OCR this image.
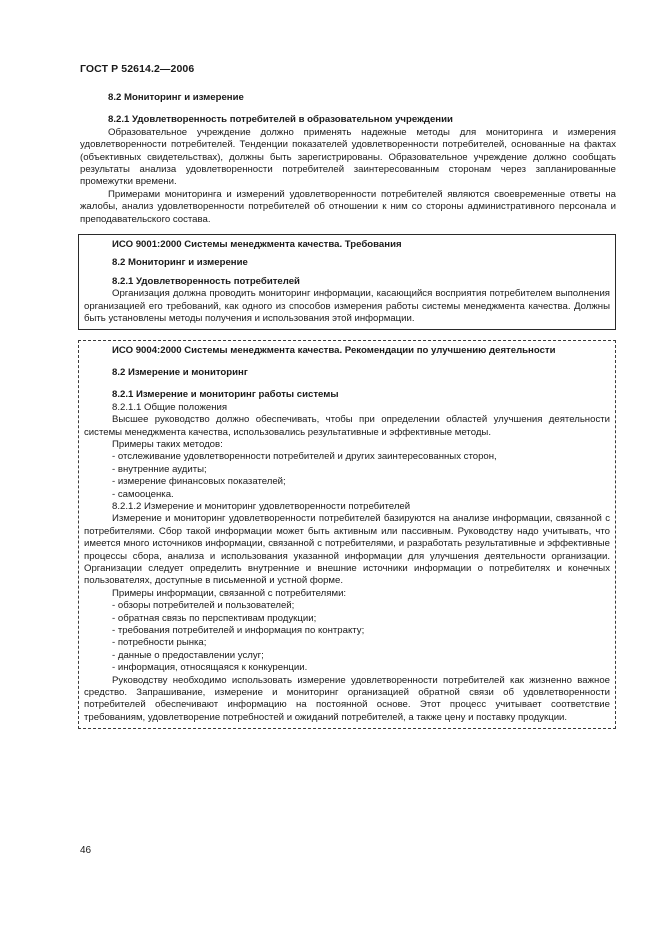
ГОСТ Р 52614.2—2006
8.2 Мониторинг и измерение
8.2.1 Удовлетворенность потребителей в образовательном учреждении

Образовательное учреждение должно применять надежные методы для мониторинга и измерения удовлетворенности потребителей. Тенденции показателей удовлетворенности потребителей, основанные на фактах (объективных свидетельствах), должны быть зарегистрированы. Образовательное учреждение должно сообщать результаты анализа удовлетворенности потребителей заинтересованным сторонам через запланированные промежутки времени.

Примерами мониторинга и измерений удовлетворенности потребителей являются своевременные ответы на жалобы, анализ удовлетворенности потребителей об отношении к ним со стороны административного персонала и преподавательского состава.

ИСО 9001:2000 Системы менеджмента качества. Требования
8.2 Мониторинг и измерение
8.2.1 Удовлетворенность потребителей

Организация должна проводить мониторинг информации, касающийся восприятия потребителем выполнения организацией его требований, как одного из способов измерения работы системы менеджмента качества. Должны быть установлены методы получения и использования этой информации.

ИСО 9004:2000 Системы менеджмента качества. Рекомендации по улучшению деятельности

8.2 Измерение и мониторинг
8.2.1 Измерение и мониторинг работы системы
8.2.1.1 Общие положения

Высшее руководство должно обеспечивать, чтобы при определении областей улучшения деятельности системы менеджмента качества, использовались результативные и эффективные методы.

Примеры таких методов:
- отслеживание удовлетворенности потребителей и других заинтересованных сторон,
- внутренние аудиты;
- измерение финансовых показателей;
- самооценка.
8.2.1.2 Измерение и мониторинг удовлетворенности потребителей

Измерение и мониторинг удовлетворенности потребителей базируются на анализе информации, связанной с потребителями. Сбор такой информации может быть активным или пассивным. Руководству надо учитывать, что имеется много источников информации, связанной с потребителями, и разработать результативные и эффективные процессы сбора, анализа и использования указанной информации для улучшения деятельности организации. Организации следует определить внутренние и внешние источники информации о потребителях и конечных пользователях, доступные в письменной и устной форме.

Примеры информации, связанной с потребителями:
- обзоры потребителей и пользователей;
- обратная связь по перспективам продукции;
- требования потребителей и информация по контракту;
- потребности рынка;
- данные о предоставлении услуг;
- информация, относящаяся к конкуренции.

Руководству необходимо использовать измерение удовлетворенности потребителей как жизненно важное средство. Запрашивание, измерение и мониторинг организацией обратной связи об удовлетворенности потребителей обеспечивают информацию на постоянной основе. Этот процесс учитывает соответствие требованиям, удовлетворение потребностей и ожиданий потребителей, а также цену и поставку продукции.

46
